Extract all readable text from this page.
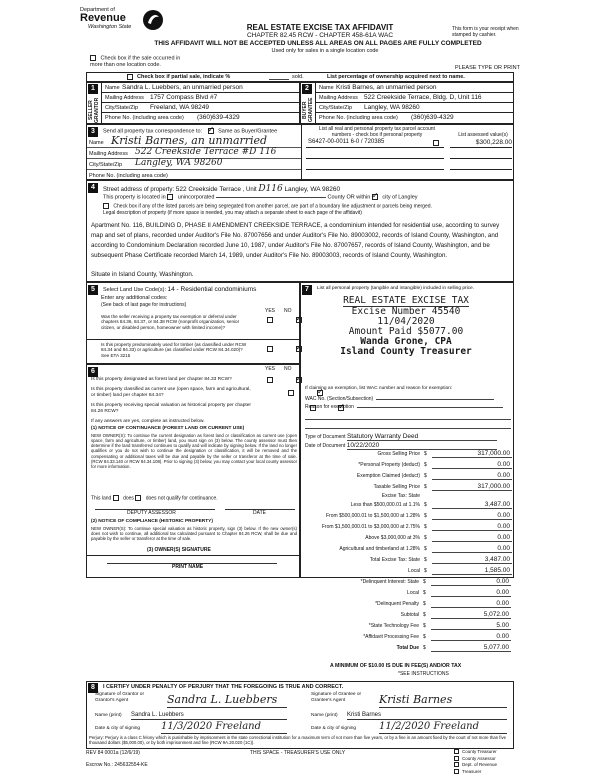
Department of
Revenue
Washington State	REAL ESTATE EXCISE TAX AFFIDAVIT
CHAPTER 82.45 RCW - CHAPTER 458-61A WAC
THIS AFFIDAVIT WILL NOT BE ACCEPTED UNLESS ALL AREAS ON ALL PAGES ARE FULLY COMPLETED
Used only for sales in a single location code
This form is your receipt when stamped by cashier.
Check box if the sale occurred in more than one location code.
PLEASE TYPE OR PRINT
Check box if partial sale, indicate %	sold.	List percentage of ownership acquired next to name.
1
SELLER GRANTOR
Name Sandra L. Luebbers, an unmarried person
Mailing Address 1757 Compass Blvd #7
City/State/Zip Freeland, WA 98249
Phone No. (including area code) (360)639-4329
2
BUYER GRANTEE
Name Kristi Barnes, an unmarried person
Mailing Address 522 Creekside Terrace, Bldg. D, Unit 116
City/State/Zip Langley, WA 98260
Phone No. (including area code) (360)639-4329
3	Send all property tax correspondence to: ✓	Same as Buyer/Grantee
Name Kristi Barnes, an unmarried
Mailing Address 522 Creekside Terrace #D 116
City/State/Zip Langley, WA 98260
Phone No. (including area code)
List all real and personal property tax parcel account numbers - check box if personal property	List assessed value(s)
S6427-00-0011 6-0 / 720385	$300,228.00
4	Street address of property: 522 Creekside Terrace , Unit D116 Langley, WA 98260
This property is located in unincorporated	County OR within ✓ city of Langley
Check box if any of the listed parcels are being segregated from another parcel, are part of a boundary line adjustment or parcels being merged.
Legal description of property (if more space is needed, you may attach a separate sheet to each page of the affidavit)
Apartment No. 116, BUILDING D, PHASE II AMENDMENT CREEKSIDE TERRACE, a condominium intended for residential use, according to survey map and set of plans, recorded under Auditor's File No. 87007656 and under Auditor's File No. 89003002, records of Island County, Washington, and according to Condominium Declaration recorded June 10, 1987, under Auditor's File No. 87007657, records of Island County, Washington, and be subsequent Phase Certificate recorded March 14, 1989, under Auditor's File No. 89003003, records of Island County, Washington.
Situate in Island County, Washington.
5	Select Land Use Code(s): 14 - Residential condominiums
Enter any additional codes:
(See back of last page for instructions)
YES NO
Was the seller receiving a property tax exemption or deferral under chapters 84.36, 84.37, or 84.38 RCW (nonprofit organization, senior citizen, or disabled person, homeowner with limited income)?
✓
Is this property predominately used for timber (as classified under RCW 84.34 and 84.33) or agriculture (as classified under RCW 84.34.020)? See ETA 3215
✓
6	YES NO
Is this property designated as forest land per chapter 84.33 RCW?
✓
Is this property classified as current use (open space, farm and agricultural, or timber) land per chapter 84.34?
✓
Is this property receiving special valuation as historical property per chapter 84.26 RCW?
✓
If any answers are yes, complete as instructed below.
(1) NOTICE OF CONTINUANCE (FOREST LAND OR CURRENT USE)
NEW OWNER(S): To continue the current designation as forest land or classification as current use (open space, farm and agriculture, or timber) land, you must sign on (3) below. The county assessor must then determine if the land transferred continues to qualify and will indicate by signing below. If the land no longer qualifies or you do not wish to continue the designation or classification, it will be removed and the compensating or additional taxes will be due and payable by the seller or transferor at the time of sale. (RCW 84.33.140 or RCW 84.34.108). Prior to signing (3) below, you may contact your local county assessor for more information.
This land does does not qualify for continuance.
DEPUTY ASSESSOR	DATE
(2) NOTICE OF COMPLIANCE (HISTORIC PROPERTY)
NEW OWNER(S): To continue special valuation as historic property, sign (3) below. If the new owner(s) does not wish to continue, all additional tax calculated pursuant to Chapter 84.26 RCW, shall be due and payable by the seller or transferor at the time of sale.
(3) OWNER(S) SIGNATURE
PRINT NAME
7	List all personal property (tangible and intangible) included in selling price.
REAL ESTATE EXCISE TAX
Excise Number 45540
11/04/2020
Amount Paid $5077.00
Wanda Grone, CPA
Island County Treasurer
If claiming an exemption, list WAC number and reason for exemption:
WAC No. (Section/Subsection)
Reason for exemption
Type of Document Statutory Warranty Deed
Date of Document 10/22/2020
Gross Selling Price $	317,000.00
*Personal Property (deduct) $	0.00
Exemption Claimed (deduct) $	0.00
Taxable Selling Price $	317,000.00
Excise Tax: State
Less than $500,000.01 at 1.1% $	3,487.00
From $500,000.01 to $1,500,000 at 1.28% $	0.00
From $1,500,000.01 to $3,000,000 at 2.75% $	0.00
Above $3,000,000 at 3% $	0.00
Agricultural and timberland at 1.28% $	0.00
Total Excise Tax: State $	3,487.00
Local $	1,585.00
*Delinquent Interest: State $	0.00
Local $	0.00
*Delinquent Penalty $	0.00
Subtotal $	5,072.00
*State Technology Fee $	5.00
*Affidavit Processing Fee $	0.00
Total Due $	5,077.00
A MINIMUM OF $10.00 IS DUE IN FEE(S) AND/OR TAX
*SEE INSTRUCTIONS
8	I CERTIFY UNDER PENALTY OF PERJURY THAT THE FOREGOING IS TRUE AND CORRECT.
Signature of Grantor or Grantor's Agent	Sandra L. Luebbers
Name (print) Sandra L. Luebbers
Date & city of signing 11/3/2020 Freeland
Signature of Grantee or Grantee's Agent	Kristi Barnes
Name (print) Kristi Barnes
Date & city of signing 11/2/2020 Freeland
Perjury: Perjury is a class C felony which is punishable by imprisonment in the state correctional institution for a maximum term of not more than five years, or by a fine in an amount fixed by the court of not more than five thousand dollars ($5,000.00), or by both imprisonment and fine (RCW 9A.20.020 (1C)).
REV 84 0001a (12/6/19)	THIS SPACE - TREASURER'S USE ONLY
Escrow No.: 245632554-KE
County Treasurer
County Assessor
Dept. of Revenue
Treasurer
